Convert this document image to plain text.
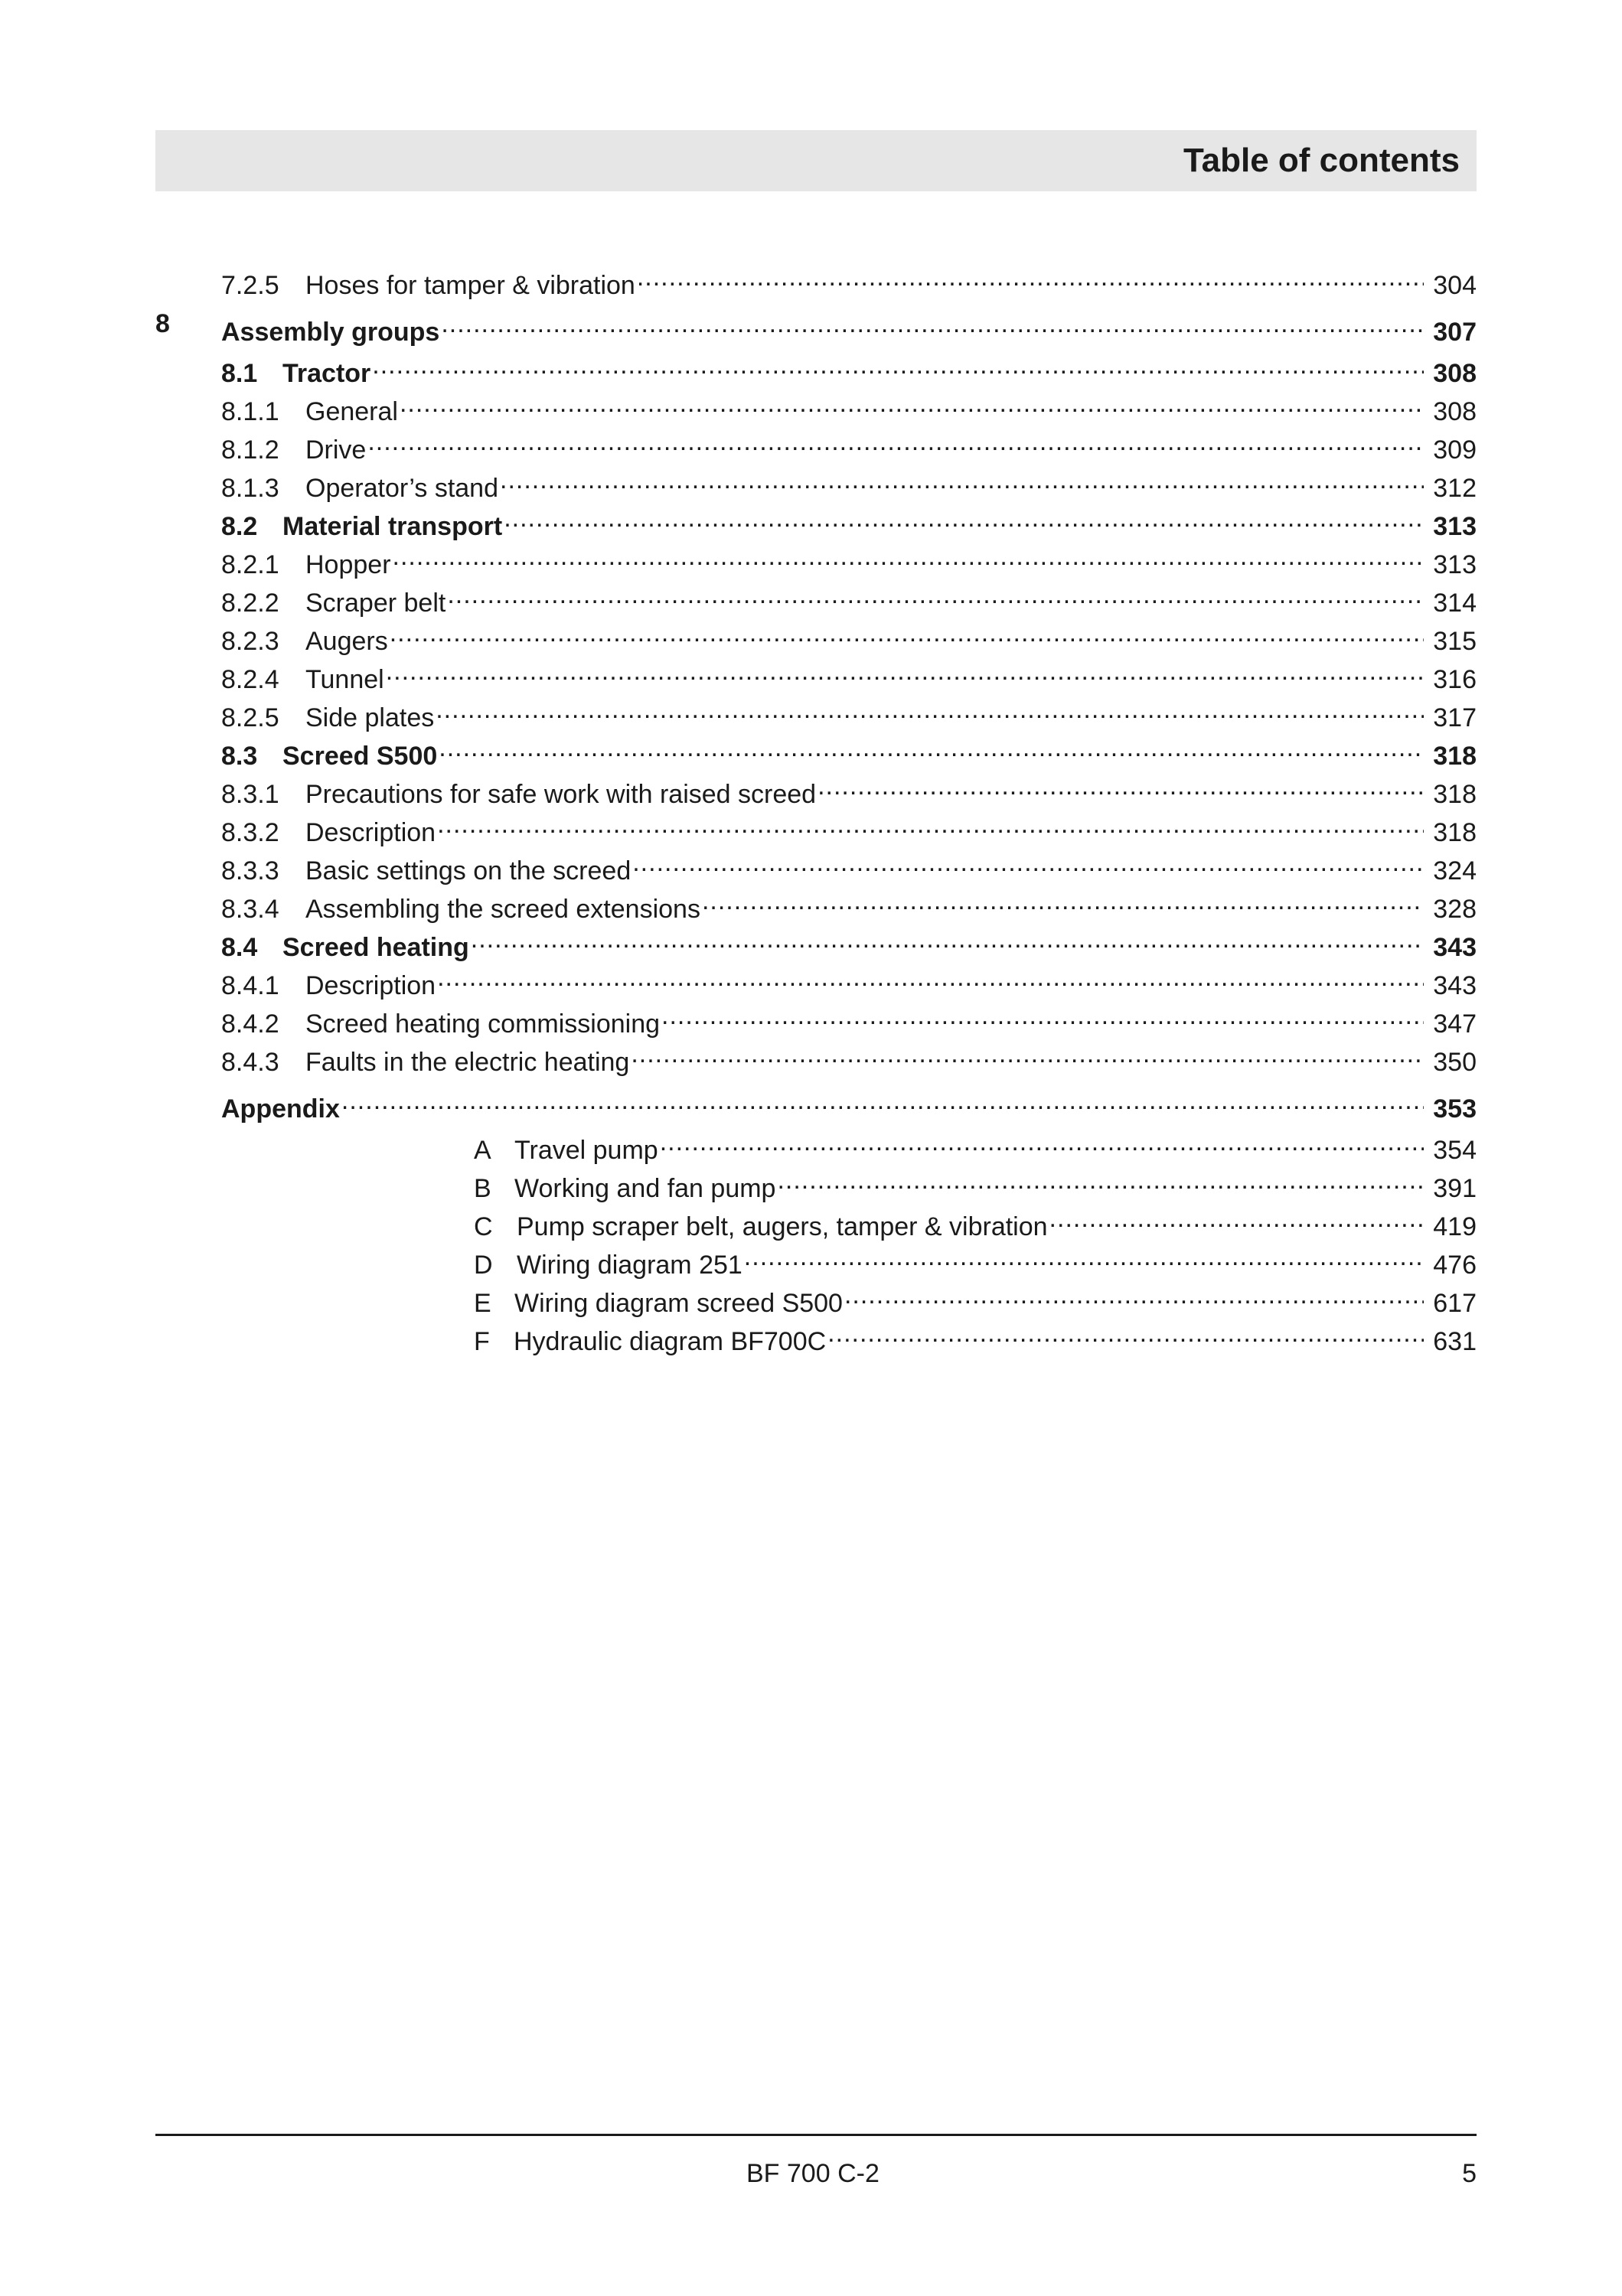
Table of contents
7.2.5	Hoses for tamper & vibration .....	304
8 Assembly groups .....	307
8.1 Tractor .....	308
8.1.1	General .....	308
8.1.2	Drive .....	309
8.1.3	Operator’s stand .....	312
8.2 Material transport .....	313
8.2.1	Hopper .....	313
8.2.2	Scraper belt .....	314
8.2.3	Augers .....	315
8.2.4	Tunnel .....	316
8.2.5	Side plates .....	317
8.3 Screed S500 .....	318
8.3.1	Precautions for safe work with raised screed .....	318
8.3.2	Description .....	318
8.3.3	Basic settings on the screed .....	324
8.3.4	Assembling the screed extensions .....	328
8.4 Screed heating .....	343
8.4.1	Description .....	343
8.4.2	Screed heating commissioning .....	347
8.4.3	Faults in the electric heating .....	350
Appendix .....	353
A Travel pump .....	354
B Working and fan pump .....	391
C Pump scraper belt, augers, tamper & vibration .....	419
D Wiring diagram 251 .....	476
E Wiring diagram screed S500 .....	617
F Hydraulic diagram BF700C .....	631
BF 700 C-2	5
